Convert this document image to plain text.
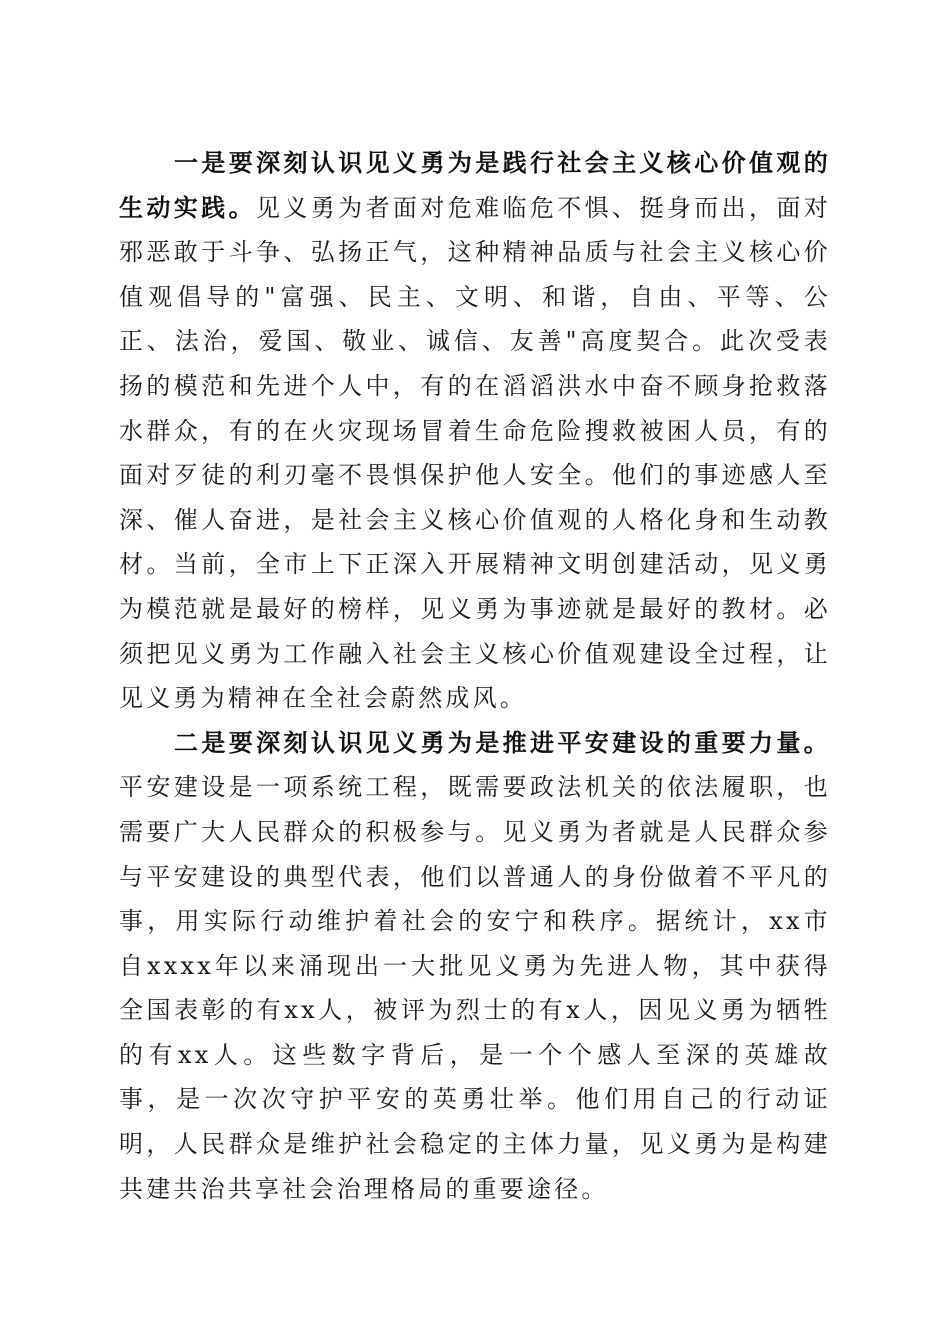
一是要深刻认识见义勇为是践行社会主义核心价值观的生动实践。见义勇为者面对危难临危不惧、挺身而出，面对邪恶敢于斗争、弘扬正气，这种精神品质与社会主义核心价值观倡导的"富强、民主、文明、和谐，自由、平等、公正、法治，爱国、敬业、诚信、友善"高度契合。此次受表扬的模范和先进个人中，有的在滔滔洪水中奋不顾身抢救落水群众，有的在火灾现场冒着生命危险搜救被困人员，有的面对歹徒的利刃毫不畏惧保护他人安全。他们的事迹感人至深、催人奋进，是社会主义核心价值观的人格化身和生动教材。当前，全市上下正深入开展精神文明创建活动，见义勇为模范就是最好的榜样，见义勇为事迹就是最好的教材。必须把见义勇为工作融入社会主义核心价值观建设全过程，让见义勇为精神在全社会蔚然成风。

二是要深刻认识见义勇为是推进平安建设的重要力量。平安建设是一项系统工程，既需要政法机关的依法履职，也需要广大人民群众的积极参与。见义勇为者就是人民群众参与平安建设的典型代表，他们以普通人的身份做着不平凡的事，用实际行动维护着社会的安宁和秩序。据统计，xx市自xxxx年以来涌现出一大批见义勇为先进人物，其中获得全国表彰的有xx人，被评为烈士的有x人，因见义勇为牺牲的有xx人。这些数字背后，是一个个感人至深的英雄故事，是一次次守护平安的英勇壮举。他们用自己的行动证明，人民群众是维护社会稳定的主体力量，见义勇为是构建共建共治共享社会治理格局的重要途径。
